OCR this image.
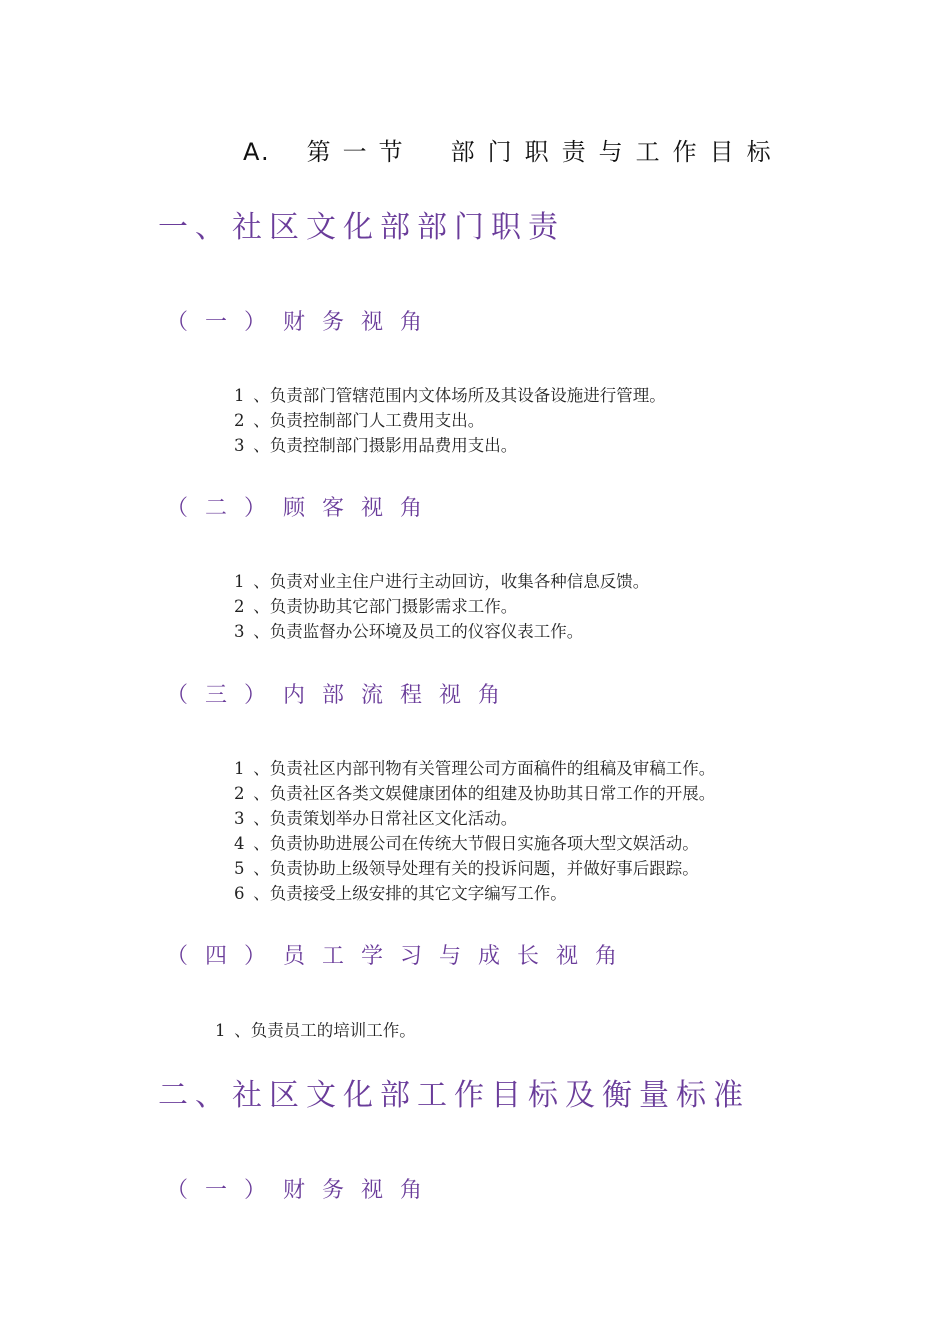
A. 第一节 部门职责与工作目标
一、社区文化部部门职责
（一）财务视角
1 、负责部门管辖范围内文体场所及其设备设施进行管理。
2 、负责控制部门人工费用支出。
3 、负责控制部门摄影用品费用支出。
（二）顾客视角
1 、负责对业主住户进行主动回访，收集各种信息反馈。
2 、负责协助其它部门摄影需求工作。
3 、负责监督办公环境及员工的仪容仪表工作。
（三）内部流程视角
1 、负责社区内部刊物有关管理公司方面稿件的组稿及审稿工作。
2 、负责社区各类文娱健康团体的组建及协助其日常工作的开展。
3 、负责策划举办日常社区文化活动。
4 、负责协助进展公司在传统大节假日实施各项大型文娱活动。
5 、负责协助上级领导处理有关的投诉问题，并做好事后跟踪。
6 、负责接受上级安排的其它文字编写工作。
（四）员工学习与成长视角
1 、负责员工的培训工作。
二、社区文化部工作目标及衡量标准
（一）财务视角
